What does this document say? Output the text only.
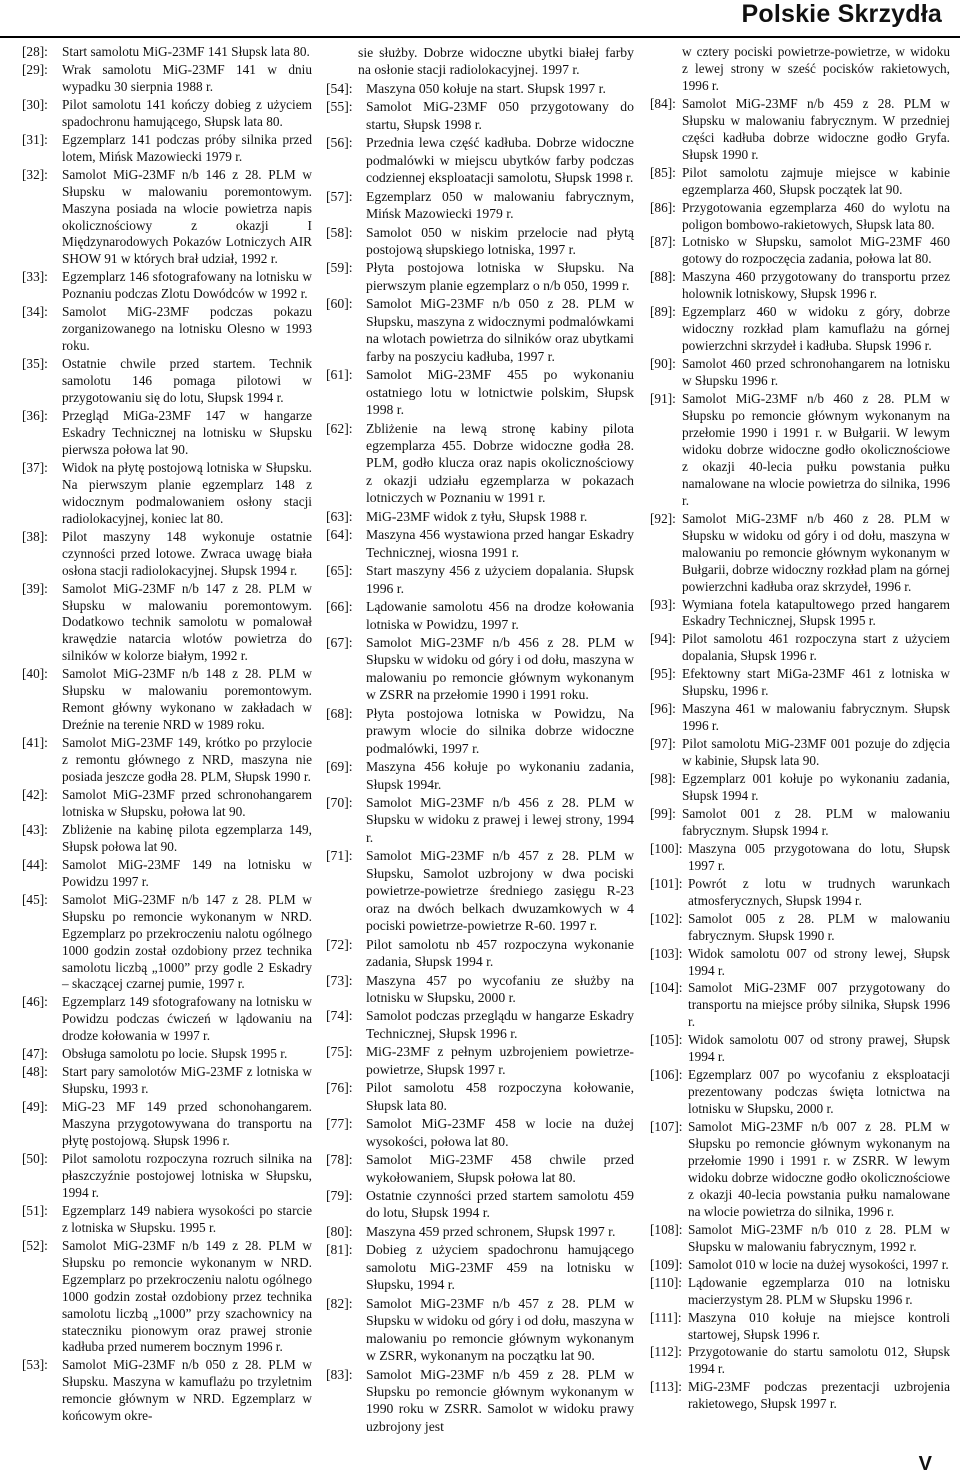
Polskie Skrzydła
[28]: Start samolotu MiG-23MF 141 Słupsk lata 80.
[29]: Wrak samolotu MiG-23MF 141 w dniu wypadku 30 sierpnia 1988 r.
[30]: Pilot samolotu 141 kończy dobieg z użyciem spadochronu hamującego, Słupsk lata 80.
[31]: Egzemplarz 141 podczas próby silnika przed lotem, Mińsk Mazowiecki 1979 r.
[32]: Samolot MiG-23MF n/b 146 z 28. PLM w Słupsku w malowaniu poremontowym. Maszyna posiada na wlocie powietrza napis okolicznościowy z okazji I Międzynarodowych Pokazów Lotniczych AIR SHOW 91 w których brał udział, 1992 r.
[33]: Egzemplarz 146 sfotografowany na lotnisku w Poznaniu podczas Zlotu Dowódców w 1992 r.
[34]: Samolot MiG-23MF podczas pokazu zorganizowanego na lotnisku Olesno w 1993 roku.
[35]: Ostatnie chwile przed startem. Technik samolotu 146 pomaga pilotowi w przygotowaniu się do lotu, Słupsk 1994 r.
[36]: Przegląd MiGa-23MF 147 w hangarze Eskadry Technicznej na lotnisku w Słupsku pierwsza połowa lat 90.
[37]: Widok na płytę postojową lotniska w Słupsku. Na pierwszym planie egzemplarz 148 z widocznym podmalowaniem osłony stacji radiolokacyjnej, koniec lat 80.
[38]: Pilot maszyny 148 wykonuje ostatnie czynności przed lotowe. Zwraca uwagę biała osłona stacji radiolokacyjnej. Słupsk 1994 r.
[39]: Samolot MiG-23MF n/b 147 z 28. PLM w Słupsku w malowaniu poremontowym. Dodatkowo technik samolotu w pomalował krawędzie natarcia wlotów powietrza do silników w kolorze białym, 1992 r.
[40]: Samolot MiG-23MF n/b 148 z 28. PLM w Słupsku w malowaniu poremontowym. Remont główny wykonano w zakładach w Dreźnie na terenie NRD w 1989 roku.
[41]: Samolot MiG-23MF 149, krótko po przylocie z remontu głównego z NRD, maszyna nie posiada jeszcze godła 28. PLM, Słupsk 1990 r.
[42]: Samolot MiG-23MF przed schronohangarem lotniska w Słupsku, połowa lat 90.
[43]: Zbliżenie na kabinę pilota egzemplarza 149, Słupsk połowa lat 90.
[44]: Samolot MiG-23MF 149 na lotnisku w Powidzu 1997 r.
[45]: Samolot MiG-23MF n/b 147 z 28. PLM w Słupsku po remoncie wykonanym w NRD. Egzemplarz po przekroczeniu nalotu ogólnego 1000 godzin został ozdobiony przez technika samolotu liczbą „1000” przy godle 2 Eskadry – skaczącej czarnej pumie, 1997 r.
[46]: Egzemplarz 149 sfotografowany na lotnisku w Powidzu podczas ćwiczeń w lądowaniu na drodze kołowania w 1997 r.
[47]: Obsługa samolotu po locie. Słupsk 1995 r.
[48]: Start pary samolotów MiG-23MF z lotniska w Słupsku, 1993 r.
[49]: MiG-23 MF 149 przed schonohangarem. Maszyna przygotowywana do transportu na płytę postojową. Słupsk 1996 r.
[50]: Pilot samolotu rozpoczyna rozruch silnika na płaszczyźnie postojowej lotniska w Słupsku, 1994 r.
[51]: Egzemplarz 149 nabiera wysokości po starcie z lotniska w Słupsku. 1995 r.
[52]: Samolot MiG-23MF n/b 149 z 28. PLM w Słupsku po remoncie wykonanym w NRD. Egzemplarz po przekroczeniu nalotu ogólnego 1000 godzin został ozdobiony przez technika samolotu liczbą „1000” przy szachownicy na stateczniku pionowym oraz prawej stronie kadłuba przed numerem bocznym 1996 r.
[53]: Samolot MiG-23MF n/b 050 z 28. PLM w Słupsku. Maszyna w kamuflażu po trzyletnim remoncie głównym w NRD. Egzemplarz w końcowym okre-
sie służby. Dobrze widoczne ubytki białej farby na osłonie stacji radiolokacyjnej. 1997 r.
[54]: Maszyna 050 kołuje na start. Słupsk 1997 r.
[55]: Samolot MiG-23MF 050 przygotowany do startu, Słupsk 1998 r.
[56]: Przednia lewa część kadłuba. Dobrze widoczne podmalówki w miejscu ubytków farby podczas codziennej eksploatacji samolotu, Słupsk 1998 r.
[57]: Egzemplarz 050 w malowaniu fabrycznym, Mińsk Mazowiecki 1979 r.
[58]: Samolot 050 w niskim przelocie nad płytą postojową słupskiego lotniska, 1997 r.
[59]: Płyta postojowa lotniska w Słupsku. Na pierwszym planie egzemplarz o n/b 050, 1999 r.
[60]: Samolot MiG-23MF n/b 050 z 28. PLM w Słupsku, maszyna z widocznymi podmalówkami na wlotach powietrza do silników oraz ubytkami farby na poszyciu kadłuba, 1997 r.
[61]: Samolot MiG-23MF 455 po wykonaniu ostatniego lotu w lotnictwie polskim, Słupsk 1998 r.
[62]: Zbliżenie na lewą stronę kabiny pilota egzemplarza 455. Dobrze widoczne godła 28. PLM, godło klucza oraz napis okolicznościowy z okazji udziału egzemplarza w pokazach lotniczych w Poznaniu w 1991 r.
[63]: MiG-23MF widok z tyłu, Słupsk 1988 r.
[64]: Maszyna 456 wystawiona przed hangar Eskadry Technicznej, wiosna 1991 r.
[65]: Start maszyny 456 z użyciem dopalania. Słupsk 1996 r.
[66]: Lądowanie samolotu 456 na drodze kołowania lotniska w Powidzu, 1997 r.
[67]: Samolot MiG-23MF n/b 456 z 28. PLM w Słupsku w widoku od góry i od dołu, maszyna w malowaniu po remoncie głównym wykonanym w ZSRR na przełomie 1990 i 1991 roku.
[68]: Płyta postojowa lotniska w Powidzu, Na prawym wlocie do silnika dobrze widoczne podmalówki, 1997 r.
[69]: Maszyna 456 kołuje po wykonaniu zadania, Słupsk 1994r.
[70]: Samolot MiG-23MF n/b 456 z 28. PLM w Słupsku w widoku z prawej i lewej strony, 1994 r.
[71]: Samolot MiG-23MF n/b 457 z 28. PLM w Słupsku, Samolot uzbrojony w dwa pociski powietrze-powietrze średniego zasięgu R-23 oraz na dwóch belkach dwuzamkowych w 4 pociski powietrze-powietrze R-60. 1997 r.
[72]: Pilot samolotu nb 457 rozpoczyna wykonanie zadania, Słupsk 1994 r.
[73]: Maszyna 457 po wycofaniu ze służby na lotnisku w Słupsku, 2000 r.
[74]: Samolot podczas przeglądu w hangarze Eskadry Technicznej, Słupsk 1996 r.
[75]: MiG-23MF z pełnym uzbrojeniem powietrze-powietrze, Słupsk 1997 r.
[76]: Pilot samolotu 458 rozpoczyna kołowanie, Słupsk lata 80.
[77]: Samolot MiG-23MF 458 w locie na dużej wysokości, połowa lat 80.
[78]: Samolot MiG-23MF 458 chwile przed wykołowaniem, Słupsk połowa lat 80.
[79]: Ostatnie czynności przed startem samolotu 459 do lotu, Słupsk 1994 r.
[80]: Maszyna 459 przed schronem, Słupsk 1997 r.
[81]: Dobieg z użyciem spadochronu hamującego samolotu MiG-23MF 459 na lotnisku w Słupsku, 1994 r.
[82]: Samolot MiG-23MF n/b 457 z 28. PLM w Słupsku w widoku od góry i od dołu, maszyna w malowaniu po remoncie głównym wykonanym w ZSRR, wykonanym na początku lat 90.
[83]: Samolot MiG-23MF n/b 459 z 28. PLM w Słupsku po remoncie głównym wykonanym w 1990 roku w ZSRR. Samolot w widoku prawy uzbrojony jest
w cztery pociski powietrze-powietrze, w widoku z lewej strony w sześć pocisków rakietowych, 1996 r.
[84]: Samolot MiG-23MF n/b 459 z 28. PLM w Słupsku w malowaniu fabrycznym. W przedniej części kadłuba dobrze widoczne godło Gryfa. Słupsk 1990 r.
[85]: Pilot samolotu zajmuje miejsce w kabinie egzemplarza 460, Słupsk początek lat 90.
[86]: Przygotowania egzemplarza 460 do wylotu na poligon bombowo-rakietowych, Słupsk lata 80.
[87]: Lotnisko w Słupsku, samolot MiG-23MF 460 gotowy do rozpoczęcia zadania, połowa lat 80.
[88]: Maszyna 460 przygotowany do transportu przez holownik lotniskowy, Słupsk 1996 r.
[89]: Egzemplarz 460 w widoku z góry, dobrze widoczny rozkład plam kamuflażu na górnej powierzchni skrzydeł i kadłuba. Słupsk 1996 r.
[90]: Samolot 460 przed schronohangarem na lotnisku w Słupsku 1996 r.
[91]: Samolot MiG-23MF n/b 460 z 28. PLM w Słupsku po remoncie głównym wykonanym na przełomie 1990 i 1991 r. w Bułgarii. W lewym widoku dobrze widoczne godło okolicznościowe z okazji 40-lecia pułku powstania pułku namalowane na wlocie powietrza do silnika, 1996 r.
[92]: Samolot MiG-23MF n/b 460 z 28. PLM w Słupsku w widoku od góry i od dołu, maszyna w malowaniu po remoncie głównym wykonanym w Bułgarii, dobrze widoczny rozkład plam na górnej powierzchni kadłuba oraz skrzydeł, 1996 r.
[93]: Wymiana fotela katapultowego przed hangarem Eskadry Technicznej, Słupsk 1995 r.
[94]: Pilot samolotu 461 rozpoczyna start z użyciem dopalania, Słupsk 1996 r.
[95]: Efektowny start MiGa-23MF 461 z lotniska w Słupsku, 1996 r.
[96]: Maszyna 461 w malowaniu fabrycznym. Słupsk 1996 r.
[97]: Pilot samolotu MiG-23MF 001 pozuje do zdjęcia w kabinie, Słupsk lata 90.
[98]: Egzemplarz 001 kołuje po wykonaniu zadania, Słupsk 1994 r.
[99]: Samolot 001 z 28. PLM w malowaniu fabrycznym. Słupsk 1994 r.
[100]: Maszyna 005 przygotowana do lotu, Słupsk 1997 r.
[101]: Powrót z lotu w trudnych warunkach atmosferycznych, Słupsk 1994 r.
[102]: Samolot 005 z 28. PLM w malowaniu fabrycznym. Słupsk 1990 r.
[103]: Widok samolotu 007 od strony lewej, Słupsk 1994 r.
[104]: Samolot MiG-23MF 007 przygotowany do transportu na miejsce próby silnika, Słupsk 1996 r.
[105]: Widok samolotu 007 od strony prawej, Słupsk 1994 r.
[106]: Egzemplarz 007 po wycofaniu z eksploatacji prezentowany podczas święta lotnictwa na lotnisku w Słupsku, 2000 r.
[107]: Samolot MiG-23MF n/b 007 z 28. PLM w Słupsku po remoncie głównym wykonanym na przełomie 1990 i 1991 r. w ZSRR. W lewym widoku dobrze widoczne godło okolicznościowe z okazji 40-lecia powstania pułku namalowane na wlocie powietrza do silnika, 1996 r.
[108]: Samolot MiG-23MF n/b 010 z 28. PLM w Słupsku w malowaniu fabrycznym, 1992 r.
[109]: Samolot 010 w locie na dużej wysokości, 1997 r.
[110]: Lądowanie egzemplarza 010 na lotnisku macierzystym 28. PLM w Słupsku 1996 r.
[111]: Maszyna 010 kołuje na miejsce kontroli startowej, Słupsk 1996 r.
[112]: Przygotowanie do startu samolotu 012, Słupsk 1994 r.
[113]: MiG-23MF podczas prezentacji uzbrojenia rakietowego, Słupsk 1997 r.
V
